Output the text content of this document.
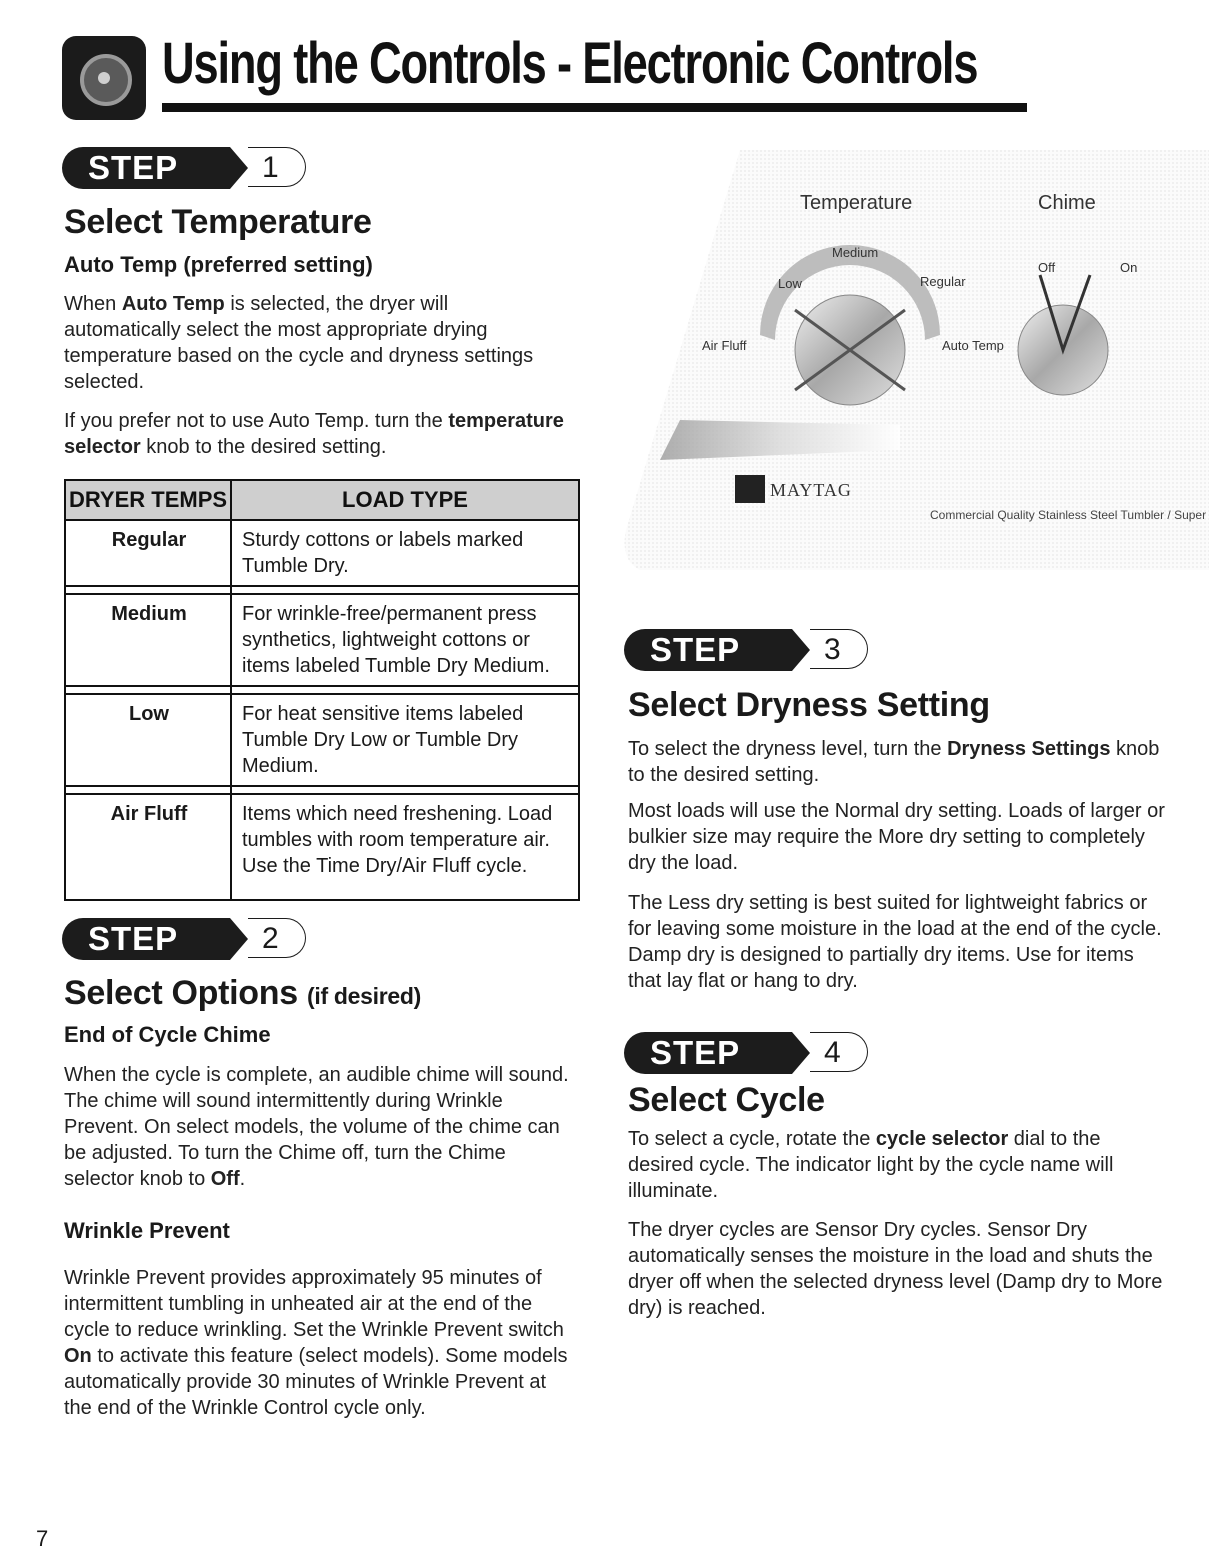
Using the Controls - Electronic Controls
STEP	1
Select Temperature
Auto Temp (preferred setting)
When Auto Temp is selected, the dryer will automatically select the most appropriate drying temperature based on the cycle and dryness settings selected.
If you prefer not to use Auto Temp. turn the temperature selector knob to the desired setting.
DRYER TEMPS	LOAD TYPE
Regular	Sturdy cottons or labels marked Tumble Dry.

Medium	For wrinkle-free/permanent press synthetics, lightweight cottons or items labeled Tumble Dry Medium.

Low	For heat sensitive items labeled Tumble Dry Low or Tumble Dry Medium.

Air Fluff	Items which need freshening. Load tumbles with room temperature air. Use the Time Dry/Air Fluff cycle.
STEP	2
Select Options (if desired)
End of Cycle Chime
When the cycle is complete, an audible chime will sound. The chime will sound intermittently during Wrinkle Prevent. On select models, the volume of the chime can be adjusted. To turn the Chime off, turn the Chime selector knob to Off.
Wrinkle Prevent
Wrinkle Prevent provides approximately 95 minutes of intermittent tumbling in unheated air at the end of the cycle to reduce wrinkling. Set the Wrinkle Prevent switch On to activate this feature (select models). Some models automatically provide 30 minutes of Wrinkle Prevent at the end of the Wrinkle Control cycle only.
Temperature	Chime
Medium
Low	Regular
Air Fluff	Auto Temp
Off	On
MAYTAG
Commercial Quality Stainless Steel Tumbler / Super
STEP	3
Select Dryness Setting
To select the dryness level, turn the Dryness Settings knob to the desired setting.
Most loads will use the Normal dry setting. Loads of larger or bulkier size may require the More dry setting to completely dry the load.
The Less dry setting is best suited for lightweight fabrics or for leaving some moisture in the load at the end of the cycle. Damp dry is designed to partially dry items. Use for items that lay flat or hang to dry.
STEP	4
Select Cycle
To select a cycle, rotate the cycle selector dial to the desired cycle. The indicator light by the cycle name will illuminate.
The dryer cycles are Sensor Dry cycles. Sensor Dry automatically senses the moisture in the load and shuts the dryer off when the selected dryness level (Damp dry to More dry) is reached.
7
